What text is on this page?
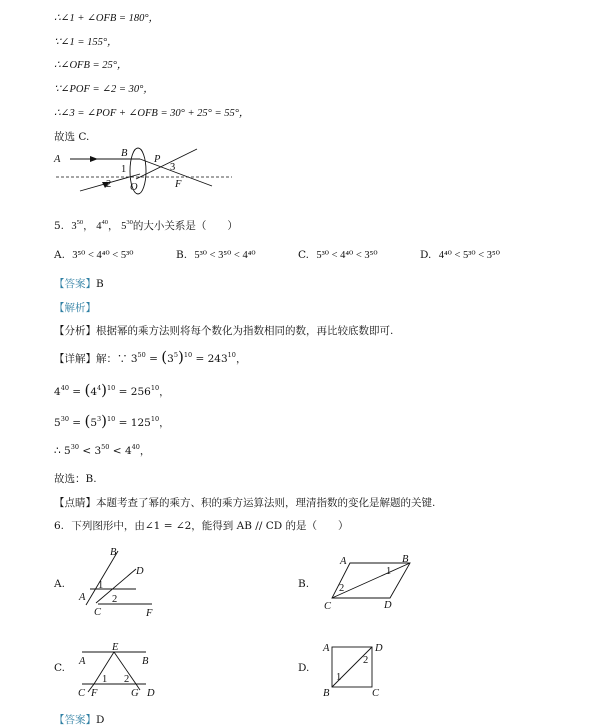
∴∠1 + ∠OFB = 180°，
∵∠1 = 155°，
∴∠OFB = 25°，
∵∠POF = ∠2 = 30°，
∴∠3 = ∠POF + ∠OFB = 30° + 25° = 55°，
故选 C.
A
B
P
1	3
2 O	F
5. $3^{50}$， $4^{40}$， $5^{30}$的大小关系是（　　）
A. 3⁵⁰ < 4⁴⁰ < 5³⁰	B. 5³⁰ < 3⁵⁰ < 4⁴⁰	C. 5³⁰ < 4⁴⁰ < 3⁵⁰	D. 4⁴⁰ < 5³⁰ < 3⁵⁰
【答案】B
【解析】
【分析】根据幂的乘方法则将每个数化为指数相同的数，再比较底数即可.
【详解】解：∵ $3^{50} = (3^5)^{10} = 243^{10}$，
$4^{40} = (4^4)^{10} = 256^{10}$，
$5^{30} = (5^3)^{10} = 125^{10}$，
∴ $5^{30} < 3^{50} < 4^{40}$，
故选：B.
【点睛】本题考查了幂的乘方、积的乘方运算法则，理清指数的变化是解题的关键.
6. 下列图形中，由∠1 = ∠2，能得到 AB // CD 的是（　　）
A.
B
D
1
A	2
C	F
B.
A	B
1
2
C	D
C.
E
A	B
1 2
C F	G D
D.
A	D
2
1
B	C
【答案】D
